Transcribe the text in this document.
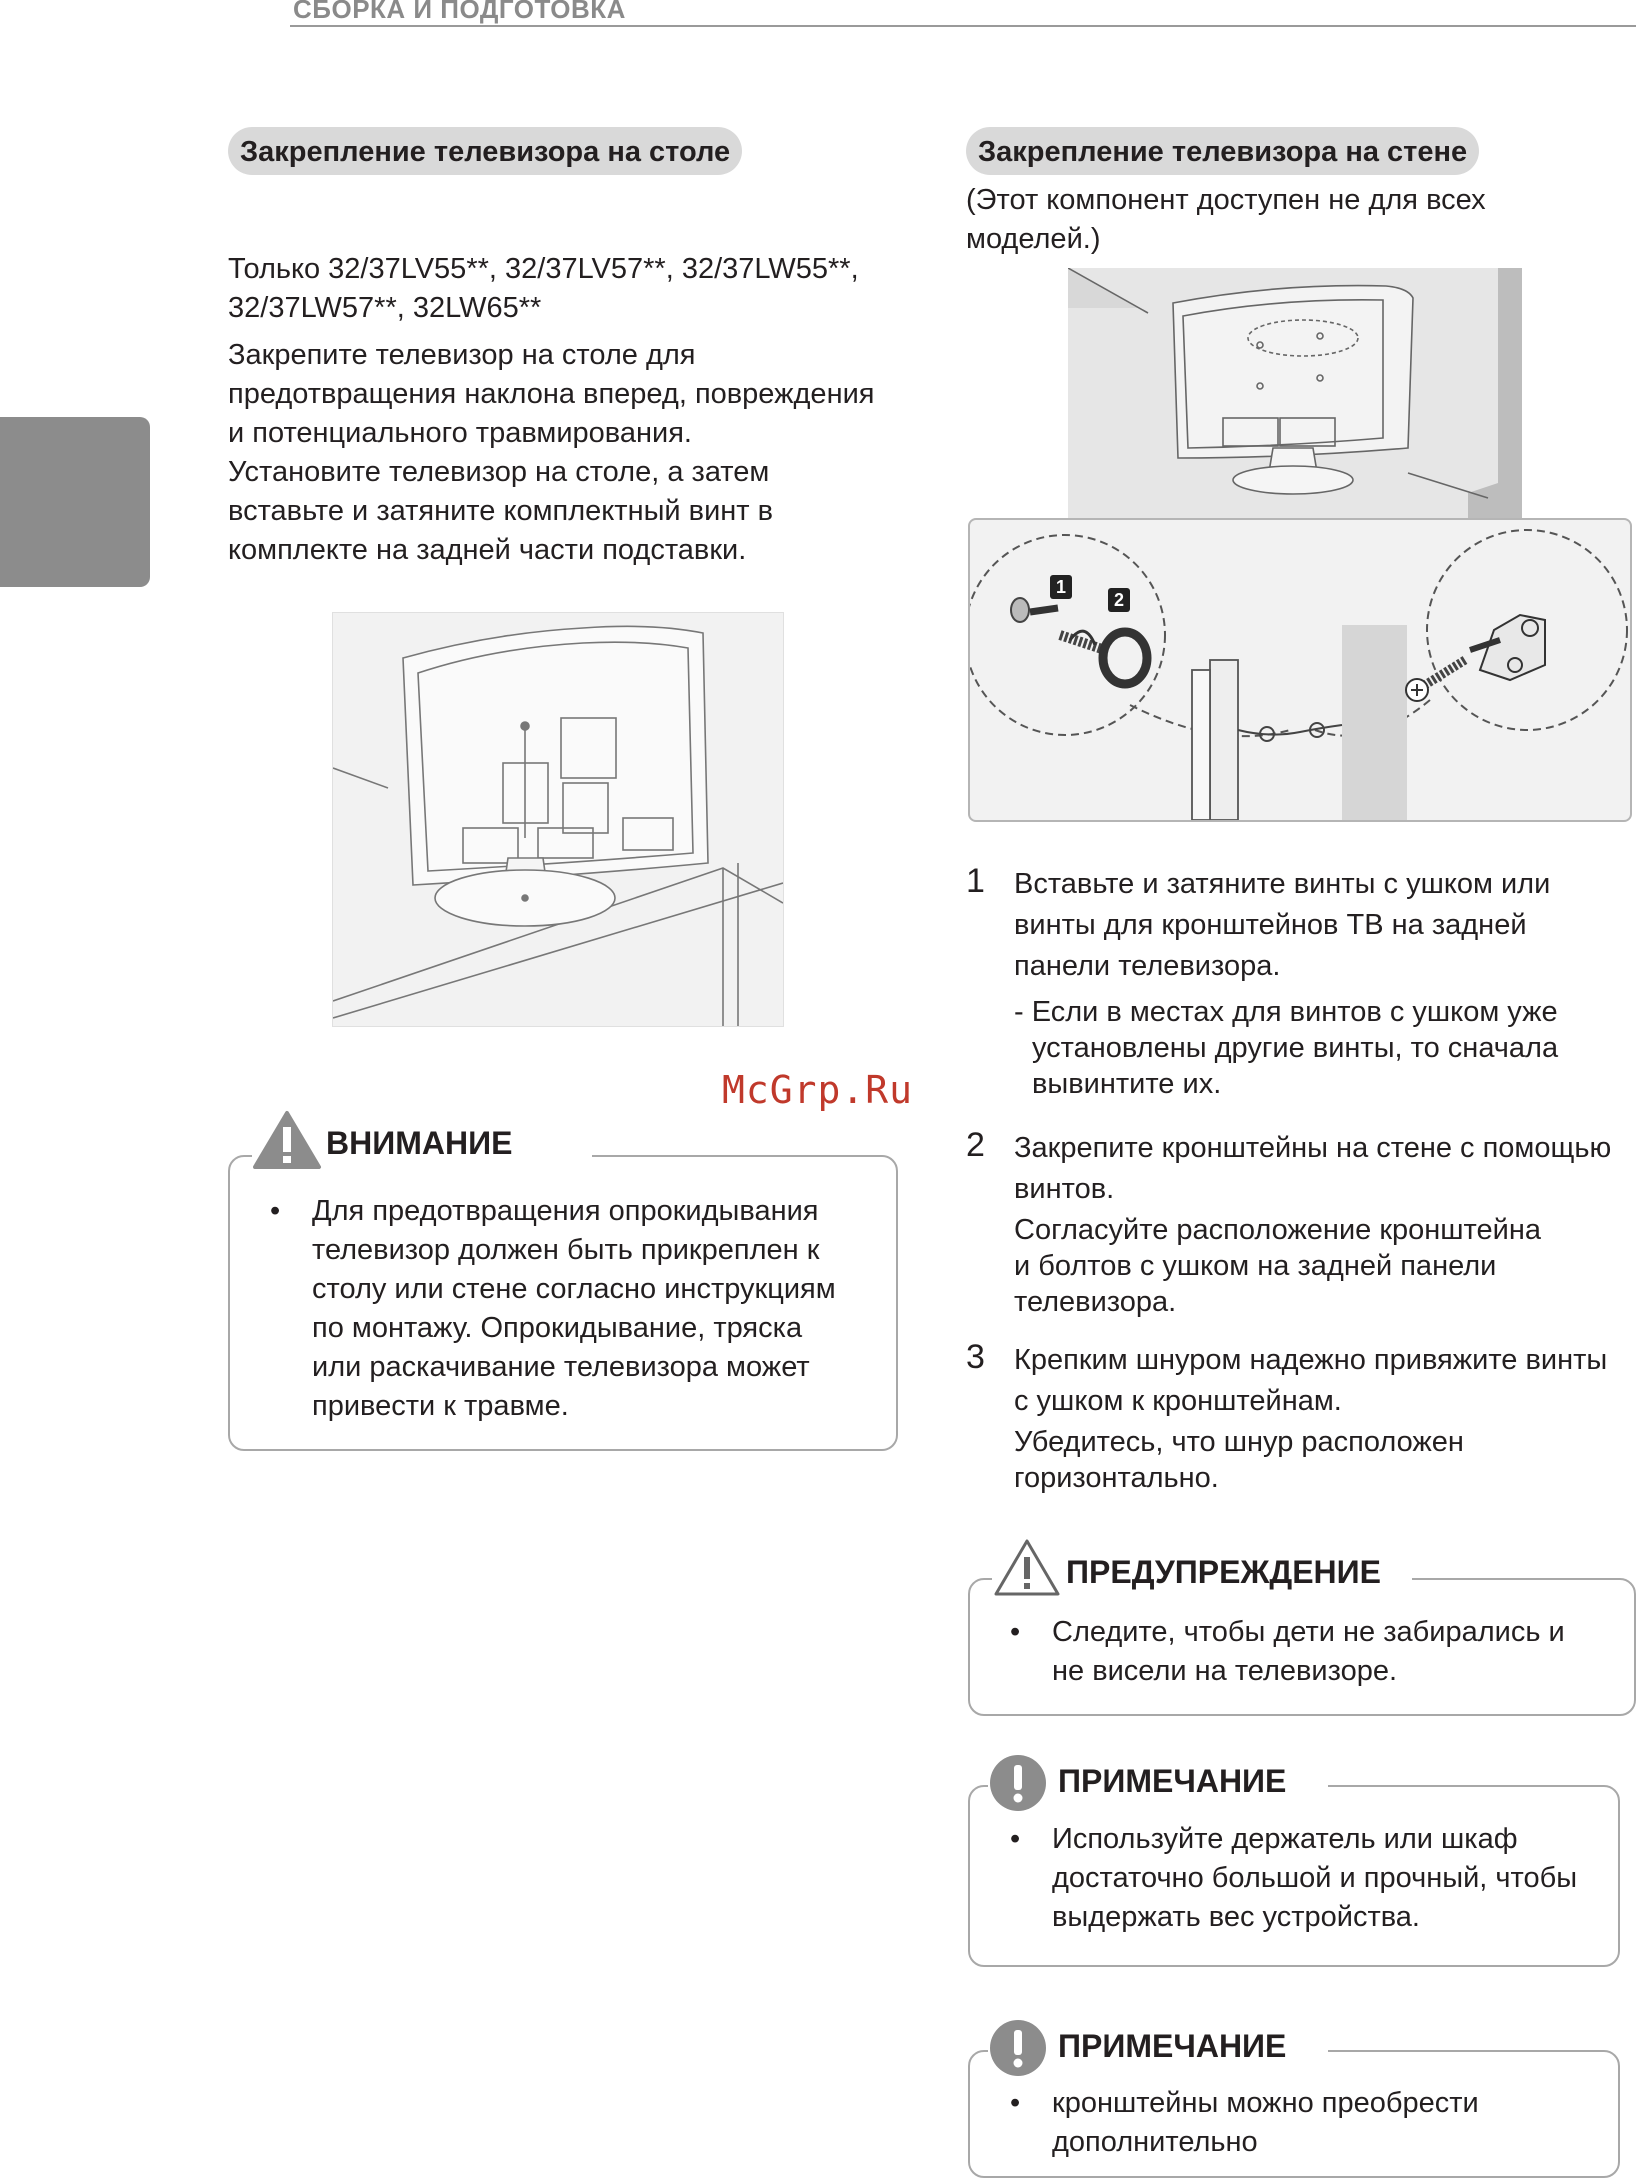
СБОРКА И ПОДГОТОВКА
Закрепление телевизора на столе

Только 32/37LV55**, 32/37LV57**, 32/37LW55**,

32/37LW57**, 32LW65**

Закрепите телевизор на столе для

предотвращения наклона вперед, повреждения

и потенциального травмирования.

Установите телевизор на столе, а затем

вставьте и затяните комплектный винт в

комплекте на задней части подставки.

McGrp.Ru
ВНИМАНИЕ
• Для предотвращения опрокидывания
телевизор должен быть прикреплен к
столу или стене согласно инструкциям
по монтажу. Опрокидывание, тряска
или раскачивание телевизора может
привести к травме.
Закрепление телевизора на стене

(Этот компонент доступен не для всех

моделей.)

1
2
1 Вставьте и затяните винты с ушком или
винты для кронштейнов ТВ на задней
панели телевизора.
- Если в местах для винтов с ушком уже
установлены другие винты, то сначала
вывинтите их.
2 Закрепите кронштейны на стене с помощью
винтов.
Согласуйте расположение кронштейна
и болтов с ушком на задней панели
телевизора.
3 Крепким шнуром надежно привяжите винты
с ушком к кронштейнам.
Убедитесь, что шнур расположен
горизонтально.
ПРЕДУПРЕЖДЕНИЕ
• Следите, чтобы дети не забирались и
не висели на телевизоре.
ПРИМЕЧАНИЕ
• Используйте держатель или шкаф
достаточно большой и прочный, чтобы
выдержать вес устройства.
ПРИМЕЧАНИЕ
• кронштейны можно преобрести
дополнительно
